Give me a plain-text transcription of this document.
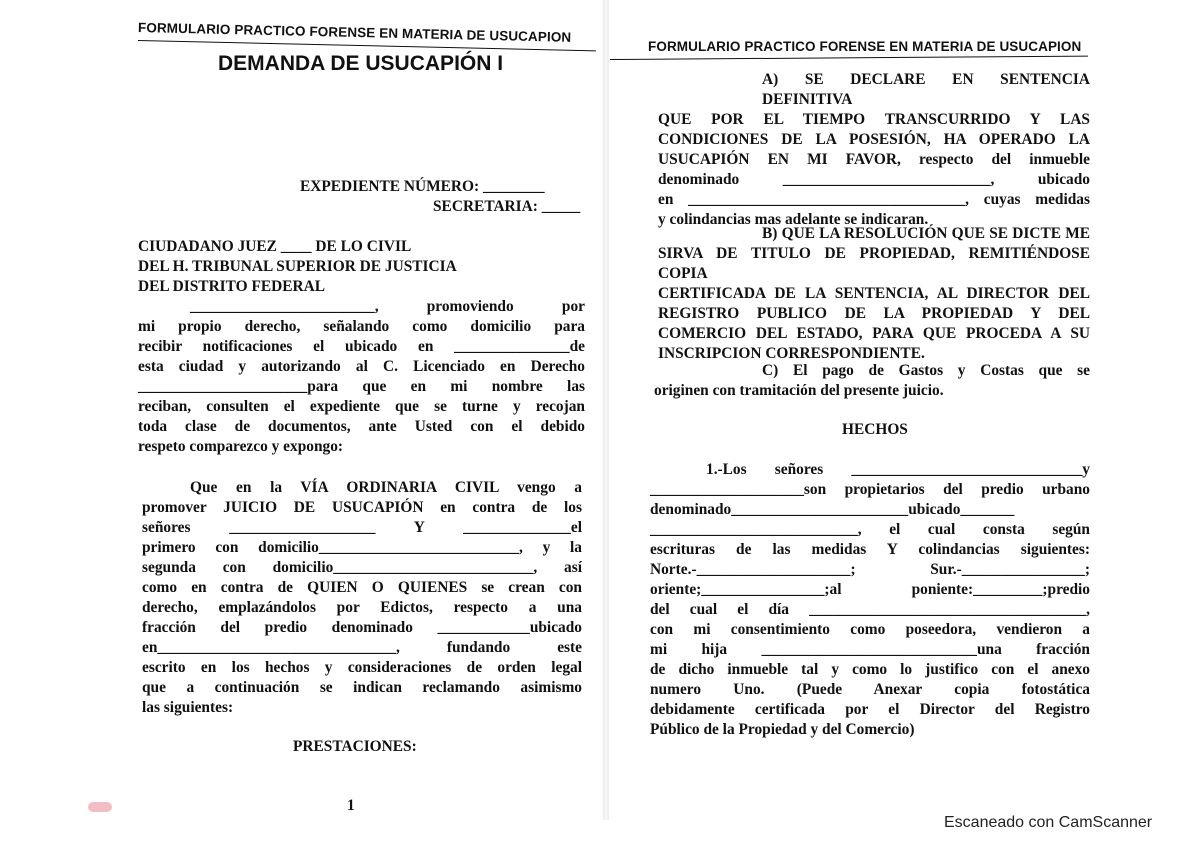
FORMULARIO PRACTICO FORENSE EN MATERIA DE USUCAPION
DEMANDA DE USUCAPIÓN I
EXPEDIENTE NÚMERO: ________
SECRETARIA: _____
CIUDADANO JUEZ ____ DE LO CIVIL
DEL H. TRIBUNAL SUPERIOR DE JUSTICIA
DEL DISTRITO FEDERAL
________________________, promoviendo por
mi propio derecho, señalando como domicilio para
recibir notificaciones el ubicado en _______________de
esta ciudad y autorizando al C. Licenciado en Derecho
______________________para que en mi nombre las
reciban, consulten el expediente que se turne y recojan
toda clase de documentos, ante Usted con el debido
respeto comparezco y expongo:
Que en la VÍA ORDINARIA CIVIL vengo a
promover JUICIO DE USUCAPIÓN en contra de los
señores ___________________ Y ______________el
primero con domicilio__________________________, y la
segunda con domicilio__________________________, así
como en contra de QUIEN O QUIENES se crean con
derecho, emplazándolos por Edictos, respecto a una
fracción del predio denominado ____________ubicado
en_______________________________, fundando este
escrito en los hechos y consideraciones de orden legal
que a continuación se indican reclamando asimismo
las siguientes:
PRESTACIONES:
1
FORMULARIO PRACTICO FORENSE EN MATERIA DE USUCAPION
A) SE DECLARE EN SENTENCIA DEFINITIVA
QUE POR EL TIEMPO TRANSCURRIDO Y LAS
CONDICIONES DE LA POSESIÓN, HA OPERADO LA
USUCAPIÓN EN MI FAVOR, respecto del inmueble
denominado ___________________________, ubicado
en ____________________________________, cuyas medidas
y colindancias mas adelante se indicaran.
B) QUE LA RESOLUCIÓN QUE SE DICTE ME
SIRVA DE TITULO DE PROPIEDAD, REMITIÉNDOSE COPIA
CERTIFICADA DE LA SENTENCIA, AL DIRECTOR DEL
REGISTRO PUBLICO DE LA PROPIEDAD Y DEL
COMERCIO DEL ESTADO, PARA QUE PROCEDA A SU
INSCRIPCION CORRESPONDIENTE.
C) El pago de Gastos y Costas que se
originen con tramitación del presente juicio.
HECHOS
1.-Los señores ______________________________y
____________________son propietarios del predio urbano
denominado_______________________ubicado_______
___________________________, el cual consta según
escrituras de las medidas Y colindancias siguientes:
Norte.-____________________; Sur.-________________;
oriente;________________;al poniente:_________;predio
del cual el día ____________________________________,
con mi consentimiento como poseedora, vendieron a
mi hija ____________________________una fracción
de dicho inmueble tal y como lo justifico con el anexo
numero Uno. (Puede Anexar copia fotostática
debidamente certificada por el Director del Registro
Público de la Propiedad y del Comercio)
Escaneado con CamScanner
